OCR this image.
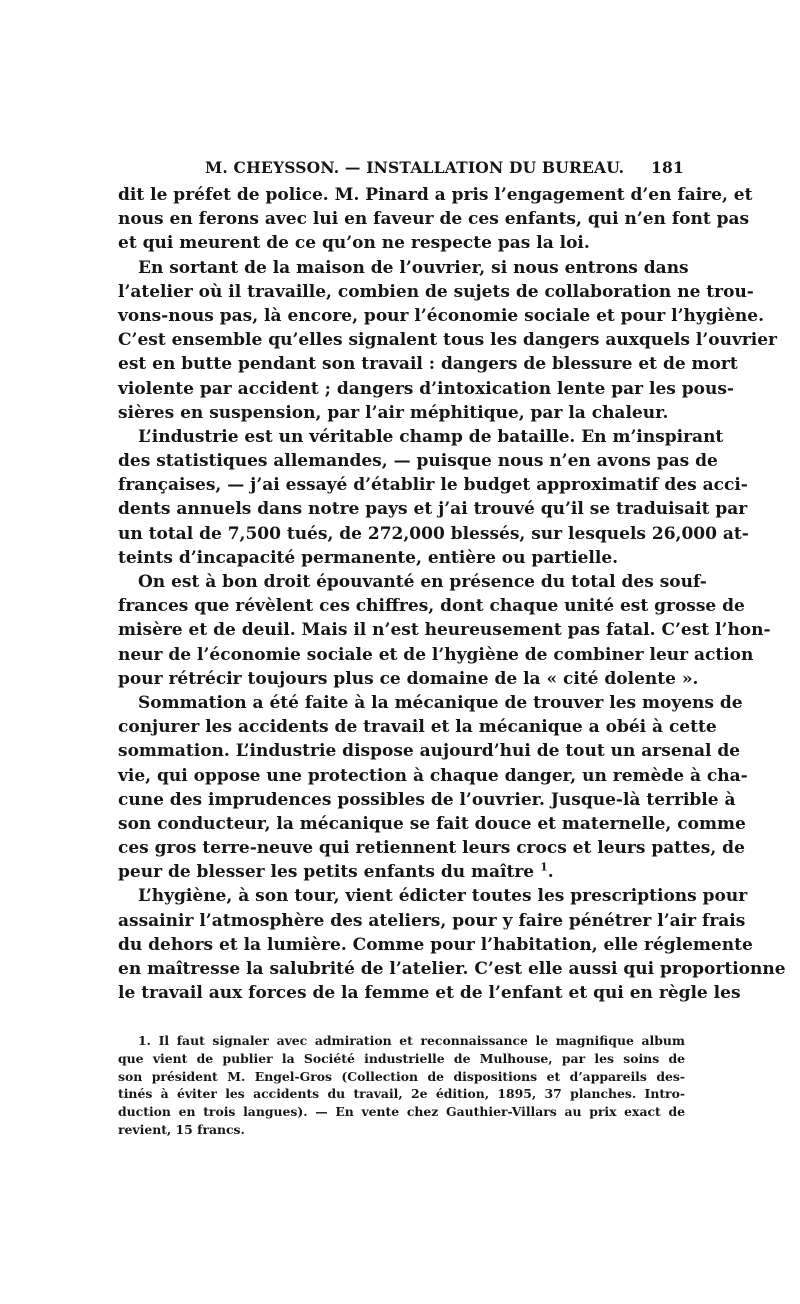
M. CHEYSSON. — INSTALLATION DU BUREAU. 181
dit le préfet de police. M. Pinard a pris l’engagement d’en faire, et
nous en ferons avec lui en faveur de ces enfants, qui n’en font pas
et qui meurent de ce qu’on ne respecte pas la loi.
En sortant de la maison de l’ouvrier, si nous entrons dans
l’atelier où il travaille, combien de sujets de collaboration ne trou-
vons-nous pas, là encore, pour l’économie sociale et pour l’hygiène.
C’est ensemble qu’elles signalent tous les dangers auxquels l’ouvrier
est en butte pendant son travail : dangers de blessure et de mort
violente par accident ; dangers d’intoxication lente par les pous-
sières en suspension, par l’air méphitique, par la chaleur.
L’industrie est un véritable champ de bataille. En m’inspirant
des statistiques allemandes, — puisque nous n’en avons pas de
françaises, — j’ai essayé d’établir le budget approximatif des acci-
dents annuels dans notre pays et j’ai trouvé qu’il se traduisait par
un total de 7,500 tués, de 272,000 blessés, sur lesquels 26,000 at-
teints d’incapacité permanente, entière ou partielle.
On est à bon droit épouvanté en présence du total des souf-
frances que révèlent ces chiffres, dont chaque unité est grosse de
misère et de deuil. Mais il n’est heureusement pas fatal. C’est l’hon-
neur de l’économie sociale et de l’hygiène de combiner leur action
pour rétrécir toujours plus ce domaine de la « cité dolente ».
Sommation a été faite à la mécanique de trouver les moyens de
conjurer les accidents de travail et la mécanique a obéi à cette
sommation. L’industrie dispose aujourd’hui de tout un arsenal de
vie, qui oppose une protection à chaque danger, un remède à cha-
cune des imprudences possibles de l’ouvrier. Jusque-là terrible à
son conducteur, la mécanique se fait douce et maternelle, comme
ces gros terre-neuve qui retiennent leurs crocs et leurs pattes, de
peur de blesser les petits enfants du maître $^1$.
L’hygiène, à son tour, vient édicter toutes les prescriptions pour
assainir l’atmosphère des ateliers, pour y faire pénétrer l’air frais
du dehors et la lumière. Comme pour l’habitation, elle réglemente
en maîtresse la salubrité de l’atelier. C’est elle aussi qui proportionne
le travail aux forces de la femme et de l’enfant et qui en règle les
1. Il faut signaler avec admiration et reconnaissance le magnifique album
que vient de publier la Société industrielle de Mulhouse, par les soins de
son président M. Engel-Gros (Collection de dispositions et d’appareils des-
tinés à éviter les accidents du travail, 2e édition, 1895, 37 planches. Intro-
duction en trois langues). — En vente chez Gauthier-Villars au prix exact de
revient, 15 francs.
